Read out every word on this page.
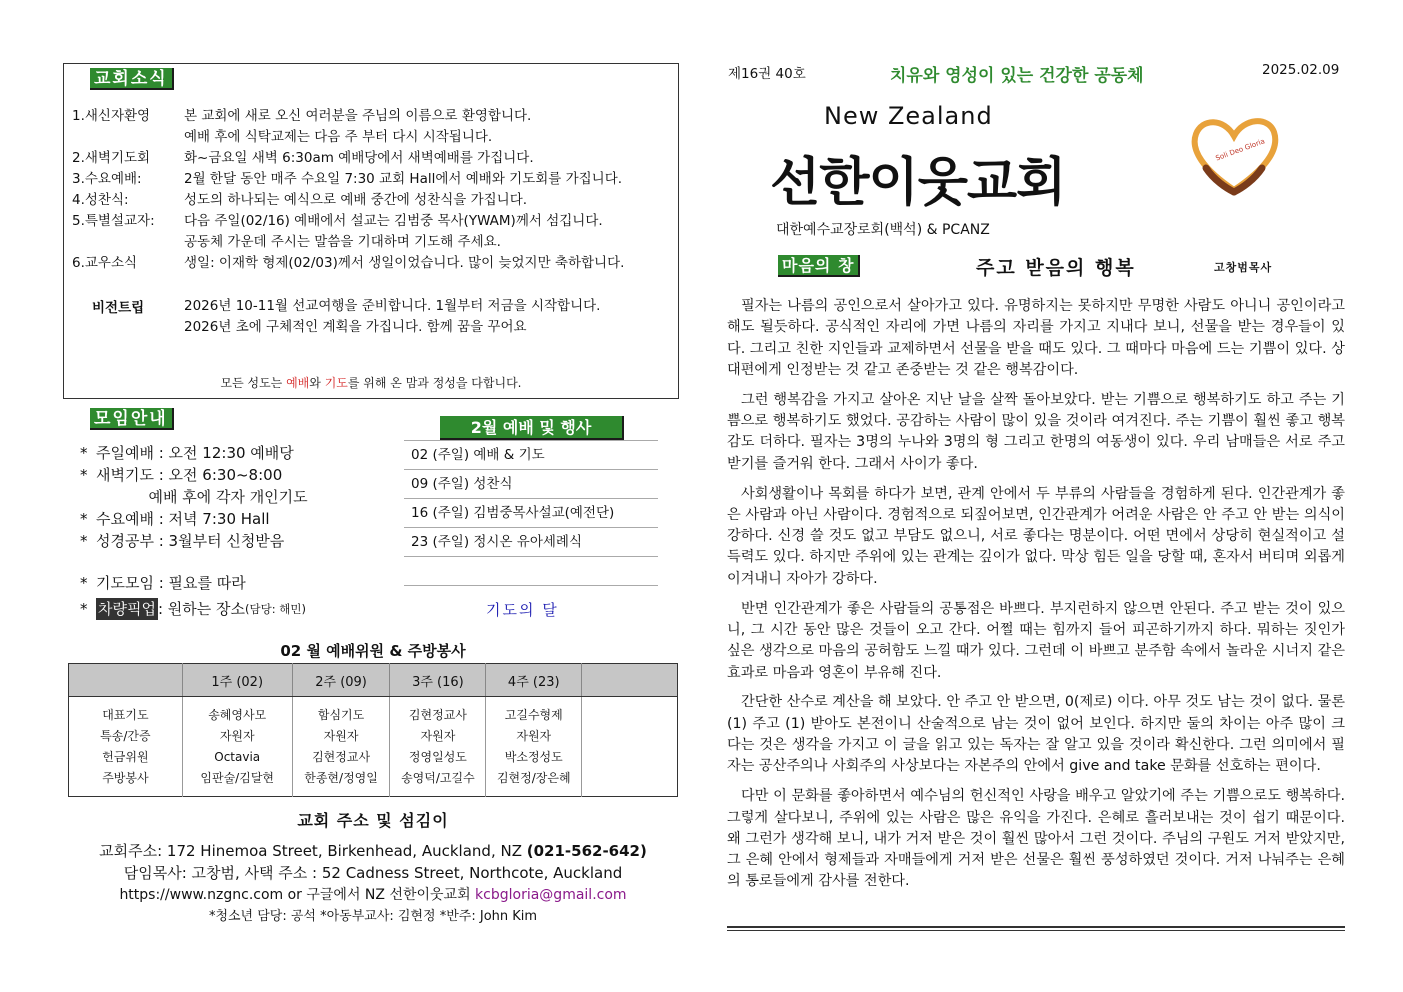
교회소식
1.새신자환영	본 교회에 새로 오신 여러분을 주님의 이름으로 환영합니다.
예배 후에 식탁교제는 다음 주 부터 다시 시작됩니다.
2.새벽기도회	화~금요일 새벽 6:30am 예배당에서 새벽예배를 가집니다.
3.수요예배:	2월 한달 동안 매주 수요일 7:30 교회 Hall에서 예배와 기도회를 가집니다.
4.성찬식:	성도의 하나되는 예식으로 예배 중간에 성찬식을 가집니다.
5.특별설교자:	다음 주일(02/16) 예배에서 설교는 김범중 목사(YWAM)께서 섬깁니다.
공동체 가운데 주시는 말씀을 기대하며 기도해 주세요.
6.교우소식	생일: 이재학 형제(02/03)께서 생일이었습니다. 많이 늦었지만 축하합니다.
비전트립	2026년 10-11월 선교여행을 준비합니다. 1월부터 저금을 시작합니다.
2026년 초에 구체적인 계획을 가집니다. 함께 꿈을 꾸어요
모든 성도는 예배와 기도를 위해 온 맘과 정성을 다합니다.
모임안내
* 주일예배 : 오전 12:30 예배당
* 새벽기도 : 오전 6:30~8:00
예배 후에 각자 개인기도
* 수요예배 : 저녁 7:30 Hall
* 성경공부 : 3월부터 신청받음
* 기도모임 : 필요를 따라
* 차량픽업 : 원하는 장소 (담당: 해민)
2월 예배 및 행사
02 (주일) 예배 & 기도
09 (주일) 성찬식
16 (주일) 김범중목사설교(예전단)
23 (주일) 정시온 유아세례식
기도의 달
02 월 예배위원 & 주방봉사
	1주 (02)	2주 (09)	3주 (16)	4주 (23)	
대표기도	송혜영사모	함심기도	김현정교사	고길수형제	
특송/간증	자원자	자원자	자원자	자원자	
헌금위원	Octavia	김현정교사	정영일성도	박소정성도	
주방봉사	임판술/김달현	한종현/정영일	송영덕/고길수	김현정/장은혜	
교회 주소 및 섬김이
교회주소: 172 Hinemoa Street, Birkenhead, Auckland, NZ (021-562-642)
담임목사: 고창범, 사택 주소 : 52 Cadness Street, Northcote, Auckland
https://www.nzgnc.com or 구글에서 NZ 선한이웃교회 kcbgloria@gmail.com
*청소년 담당: 공석 *아동부교사: 김현정 *반주: John Kim
제16권 40호	치유와 영성이 있는 건강한 공동체	2025.02.09
New Zealand
선한이웃교회
Soli Deo Gloria
대한예수교장로회(백석) & PCANZ
마음의 창	주고 받음의 행복	고창범목사

필자는 나름의 공인으로서 살아가고 있다. 유명하지는 못하지만 무명한 사람도 아니니 공인이라고 해도 될듯하다. 공식적인 자리에 가면 나름의 자리를 가지고 지내다 보니, 선물을 받는 경우들이 있다. 그리고 친한 지인들과 교제하면서 선물을 받을 때도 있다. 그 때마다 마음에 드는 기쁨이 있다. 상대편에게 인정받는 것 같고 존중받는 것 같은 행복감이다.

그런 행복감을 가지고 살아온 지난 날을 살짝 돌아보았다. 받는 기쁨으로 행복하기도 하고 주는 기쁨으로 행복하기도 했었다. 공감하는 사람이 많이 있을 것이라 여겨진다. 주는 기쁨이 훨씬 좋고 행복감도 더하다. 필자는 3명의 누나와 3명의 형 그리고 한명의 여동생이 있다. 우리 남매들은 서로 주고 받기를 즐거워 한다. 그래서 사이가 좋다.

사회생활이나 목회를 하다가 보면, 관계 안에서 두 부류의 사람들을 경험하게 된다. 인간관계가 좋은 사람과 아닌 사람이다. 경험적으로 되짚어보면, 인간관계가 어려운 사람은 안 주고 안 받는 의식이 강하다. 신경 쓸 것도 없고 부담도 없으니, 서로 좋다는 명분이다. 어떤 면에서 상당히 현실적이고 설득력도 있다. 하지만 주위에 있는 관계는 깊이가 없다. 막상 힘든 일을 당할 때, 혼자서 버티며 외롭게 이겨내니 자아가 강하다.

반면 인간관계가 좋은 사람들의 공통점은 바쁘다. 부지런하지 않으면 안된다. 주고 받는 것이 있으니, 그 시간 동안 많은 것들이 오고 간다. 어쩔 때는 힘까지 들어 피곤하기까지 하다. 뭐하는 짓인가 싶은 생각으로 마음의 공허함도 느낄 때가 있다. 그런데 이 바쁘고 분주함 속에서 놀라운 시너지 같은 효과로 마음과 영혼이 부유해 진다.

간단한 산수로 계산을 해 보았다. 안 주고 안 받으면, 0(제로) 이다. 아무 것도 남는 것이 없다. 물론 (1) 주고 (1) 받아도 본전이니 산술적으로 남는 것이 없어 보인다. 하지만 둘의 차이는 아주 많이 크다는 것은 생각을 가지고 이 글을 읽고 있는 독자는 잘 알고 있을 것이라 확신한다. 그런 의미에서 필자는 공산주의나 사회주의 사상보다는 자본주의 안에서 give and take 문화를 선호하는 편이다.

다만 이 문화를 좋아하면서 예수님의 헌신적인 사랑을 배우고 알았기에 주는 기쁨으로도 행복하다. 그렇게 살다보니, 주위에 있는 사람은 많은 유익을 가진다. 은혜로 흘러보내는 것이 쉽기 때문이다. 왜 그런가 생각해 보니, 내가 거저 받은 것이 훨씬 많아서 그런 것이다. 주님의 구원도 거저 받았지만, 그 은혜 안에서 형제들과 자매들에게 거저 받은 선물은 훨씬 풍성하였던 것이다. 거저 나눠주는 은혜의 통로들에게 감사를 전한다.
